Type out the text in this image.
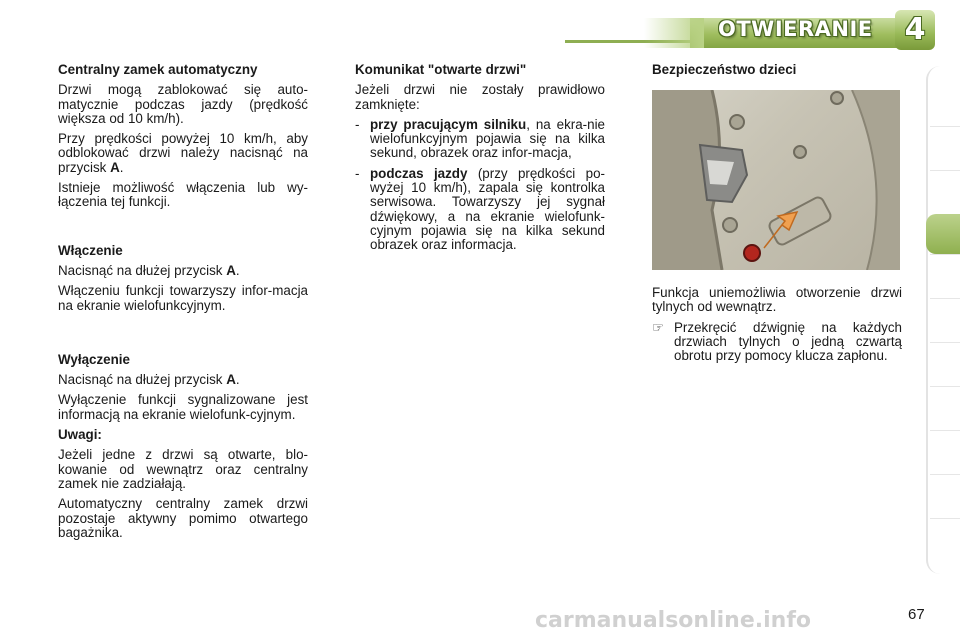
OTWIERANIE	4
Centralny zamek automatyczny

Drzwi mogą zablokować się auto-matycznie podczas jazdy (prędkość większa od 10 km/h).

Przy prędkości powyżej 10 km/h, aby odblokować drzwi należy nacisnąć na przycisk A.

Istnieje możliwość włączenia lub wy-łączenia tej funkcji.

Włączenie

Nacisnąć na dłużej przycisk A.

Włączeniu funkcji towarzyszy infor-macja na ekranie wielofunkcyjnym.

Wyłączenie

Nacisnąć na dłużej przycisk A.

Wyłączenie funkcji sygnalizowane jest informacją na ekranie wielofunk-cyjnym.

Uwagi:

Jeżeli jedne z drzwi są otwarte, blo-kowanie od wewnątrz oraz centralny zamek nie zadziałają.

Automatyczny centralny zamek drzwi pozostaje aktywny pomimo otwartego bagażnika.

Komunikat "otwarte drzwi"

Jeżeli drzwi nie zostały prawidłowo zamknięte:

- przy pracującym silniku, na ekra-nie wielofunkcyjnym pojawia się na kilka sekund, obrazek oraz infor-macja,

- podczas jazdy (przy prędkości po-wyżej 10 km/h), zapala się kontrolka serwisowa. Towarzyszy jej sygnał dźwiękowy, a na ekranie wielofunk-cyjnym pojawia się na kilka sekund obrazek oraz informacja.

Bezpieczeństwo dzieci

Funkcja uniemożliwia otworzenie drzwi tylnych od wewnątrz.

☞ Przekręcić dźwignię na każdych drzwiach tylnych o jedną czwartą obrotu przy pomocy klucza zapłonu.

67
carmanualsonline.info
